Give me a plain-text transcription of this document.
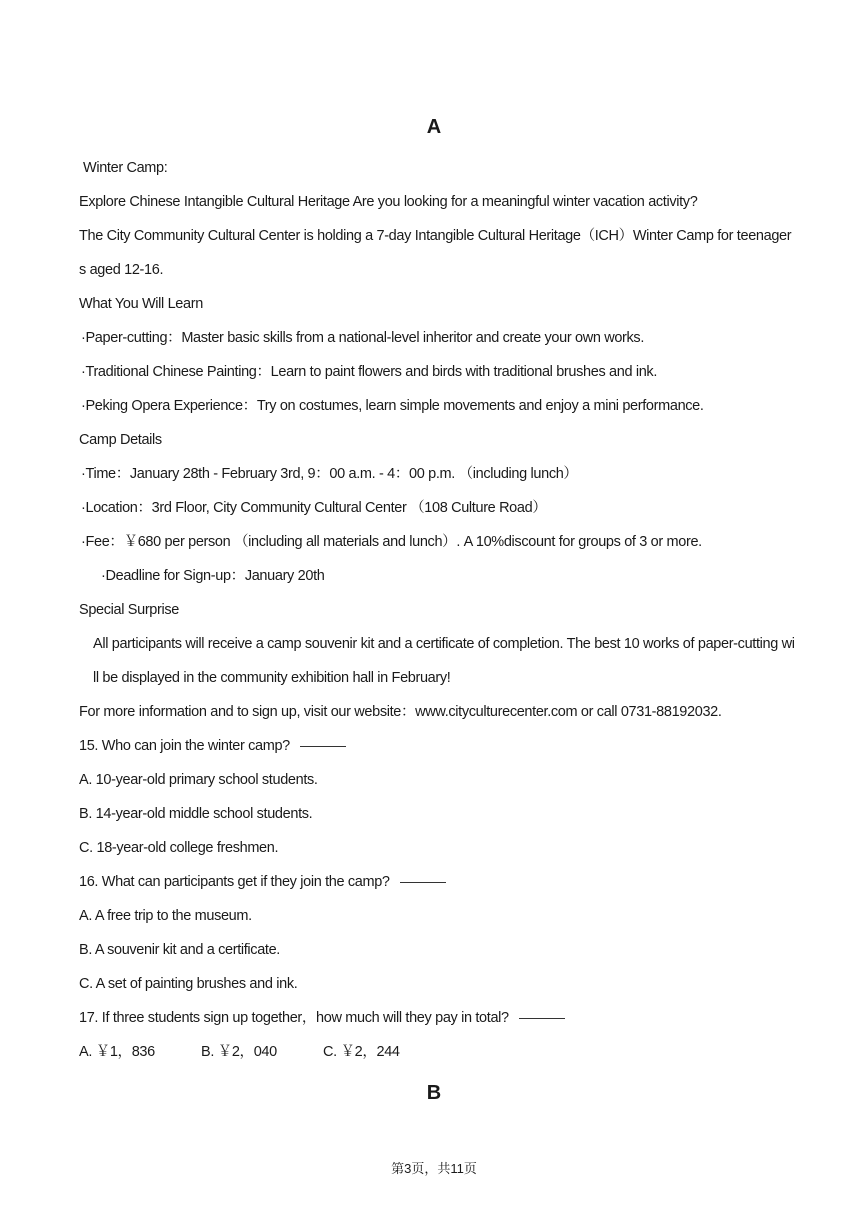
A
Winter Camp:
Explore Chinese Intangible Cultural Heritage Are you looking for a meaningful winter vacation activity?
The City Community Cultural Center is holding a 7-day Intangible Cultural Heritage（ICH）Winter Camp for teenagers aged 12-16.
What You Will Learn
·Paper-cutting：Master basic skills from a national-level inheritor and create your own works.
·Traditional Chinese Painting：Learn to paint flowers and birds with traditional brushes and ink.
·Peking Opera Experience：Try on costumes, learn simple movements and enjoy a mini performance.
Camp Details
·Time：January 28th - February 3rd, 9：00 a.m. - 4：00 p.m. （including lunch）
·Location：3rd Floor, City Community Cultural Center （108 Culture Road）
·Fee：￥680 per person （including all materials and lunch）. A 10%discount for groups of 3 or more.
·Deadline for Sign-up：January 20th
Special Surprise
All participants will receive a camp souvenir kit and a certificate of completion. The best 10 works of paper-cutting will be displayed in the community exhibition hall in February!
For more information and to sign up, visit our website：www.cityculturecenter.com or call 0731-88192032.
15. Who can join the winter camp?
A. 10-year-old primary school students.
B. 14-year-old middle school students.
C. 18-year-old college freshmen.
16. What can participants get if they join the camp?
A. A free trip to the museum.
B. A souvenir kit and a certificate.
C. A set of painting brushes and ink.
17. If three students sign up together，how much will they pay in total?
A. ￥1，836	B. ￥2，040	C. ￥2，244
B
第3页，共11页
